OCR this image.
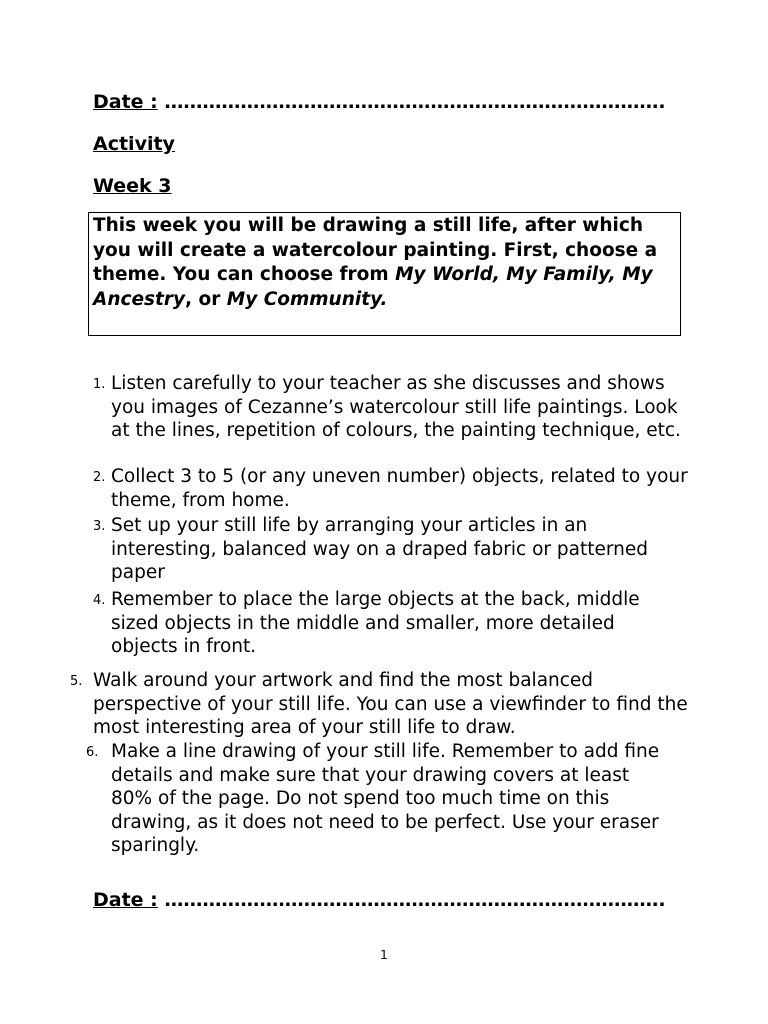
Date : …………………………………………………………………….
Activity
Week 3
This week you will be drawing a still life, after which you will create a watercolour painting. First, choose a theme. You can choose from My World, My Family, My Ancestry, or My Community.
1. Listen carefully to your teacher as she discusses and shows you images of Cezanne’s watercolour still life paintings. Look at the lines, repetition of colours, the painting technique, etc.
2. Collect 3 to 5 (or any uneven number) objects, related to your theme, from home.
3. Set up your still life by arranging your articles in an interesting, balanced way on a draped fabric or patterned paper
4. Remember to place the large objects at the back, middle sized objects in the middle and smaller, more detailed objects in front.
5. Walk around your artwork and find the most balanced perspective of your still life. You can use a viewfinder to find the most interesting area of your still life to draw.
6. Make a line drawing of your still life. Remember to add fine details and make sure that your drawing covers at least 80% of the page. Do not spend too much time on this drawing, as it does not need to be perfect. Use your eraser sparingly.
Date : …………………………………………………………………….
1
